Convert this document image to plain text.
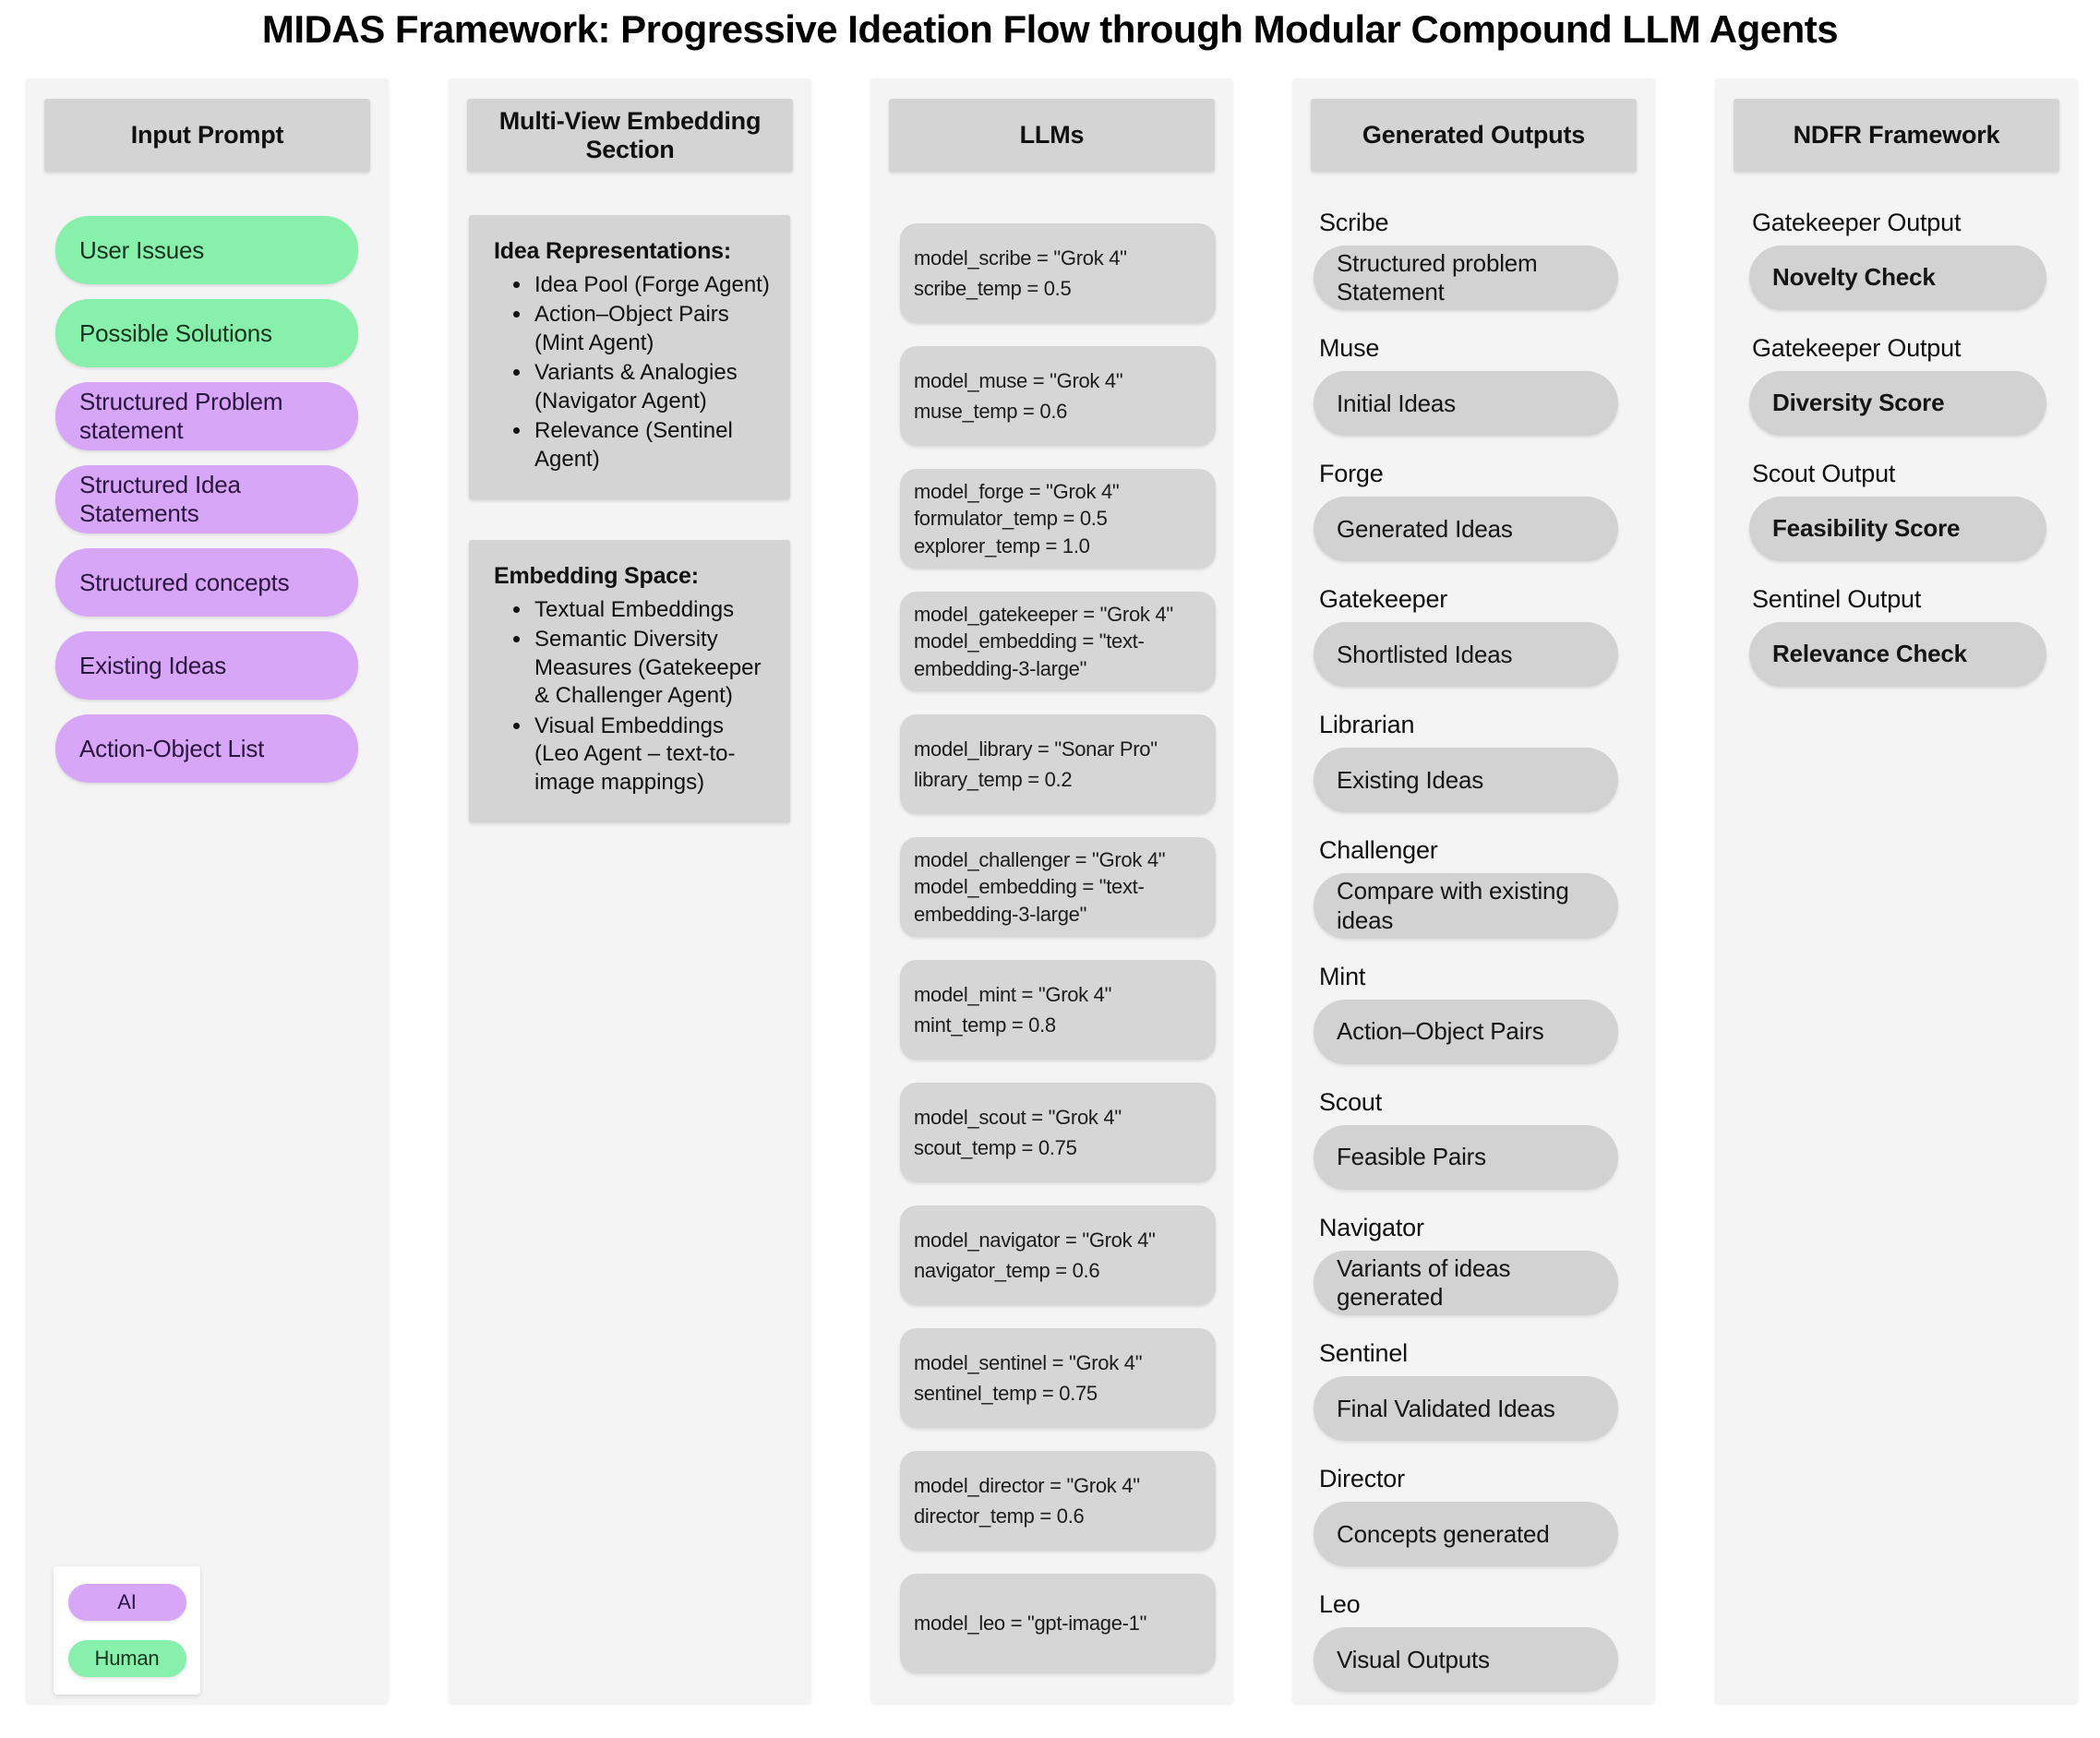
MIDAS Framework: Progressive Ideation Flow through Modular Compound LLM Agents
Input Prompt
User Issues
Possible Solutions
Structured Problem statement
Structured Idea Statements
Structured concepts
Existing Ideas
Action-Object List
AI
Human
Multi-View Embedding Section
Idea Representations:
• Idea Pool (Forge Agent)
• Action–Object Pairs (Mint Agent)
• Variants & Analogies (Navigator Agent)
• Relevance (Sentinel Agent)
Embedding Space:
• Textual Embeddings
• Semantic Diversity Measures (Gatekeeper & Challenger Agent)
• Visual Embeddings (Leo Agent – text-to-image mappings)
LLMs
model_scribe = "Grok 4"
scribe_temp = 0.5
model_muse = "Grok 4"
muse_temp = 0.6
model_forge = "Grok 4"
formulator_temp = 0.5
explorer_temp = 1.0
model_gatekeeper = "Grok 4"
model_embedding = "text-
embedding-3-large"
model_library = "Sonar Pro"
library_temp = 0.2
model_challenger = "Grok 4"
model_embedding = "text-
embedding-3-large"
model_mint = "Grok 4"
mint_temp = 0.8
model_scout = "Grok 4"
scout_temp = 0.75
model_navigator = "Grok 4"
navigator_temp = 0.6
model_sentinel = "Grok 4"
sentinel_temp = 0.75
model_director = "Grok 4"
director_temp = 0.6
model_leo = "gpt-image-1"
Generated Outputs
Scribe
Structured problem Statement
Muse
Initial Ideas
Forge
Generated Ideas
Gatekeeper
Shortlisted Ideas
Librarian
Existing Ideas
Challenger
Compare with existing ideas
Mint
Action–Object Pairs
Scout
Feasible Pairs
Navigator
Variants of ideas generated
Sentinel
Final Validated Ideas
Director
Concepts generated
Leo
Visual Outputs
NDFR Framework
Gatekeeper Output
Novelty Check
Gatekeeper Output
Diversity Score
Scout Output
Feasibility Score
Sentinel Output
Relevance Check
